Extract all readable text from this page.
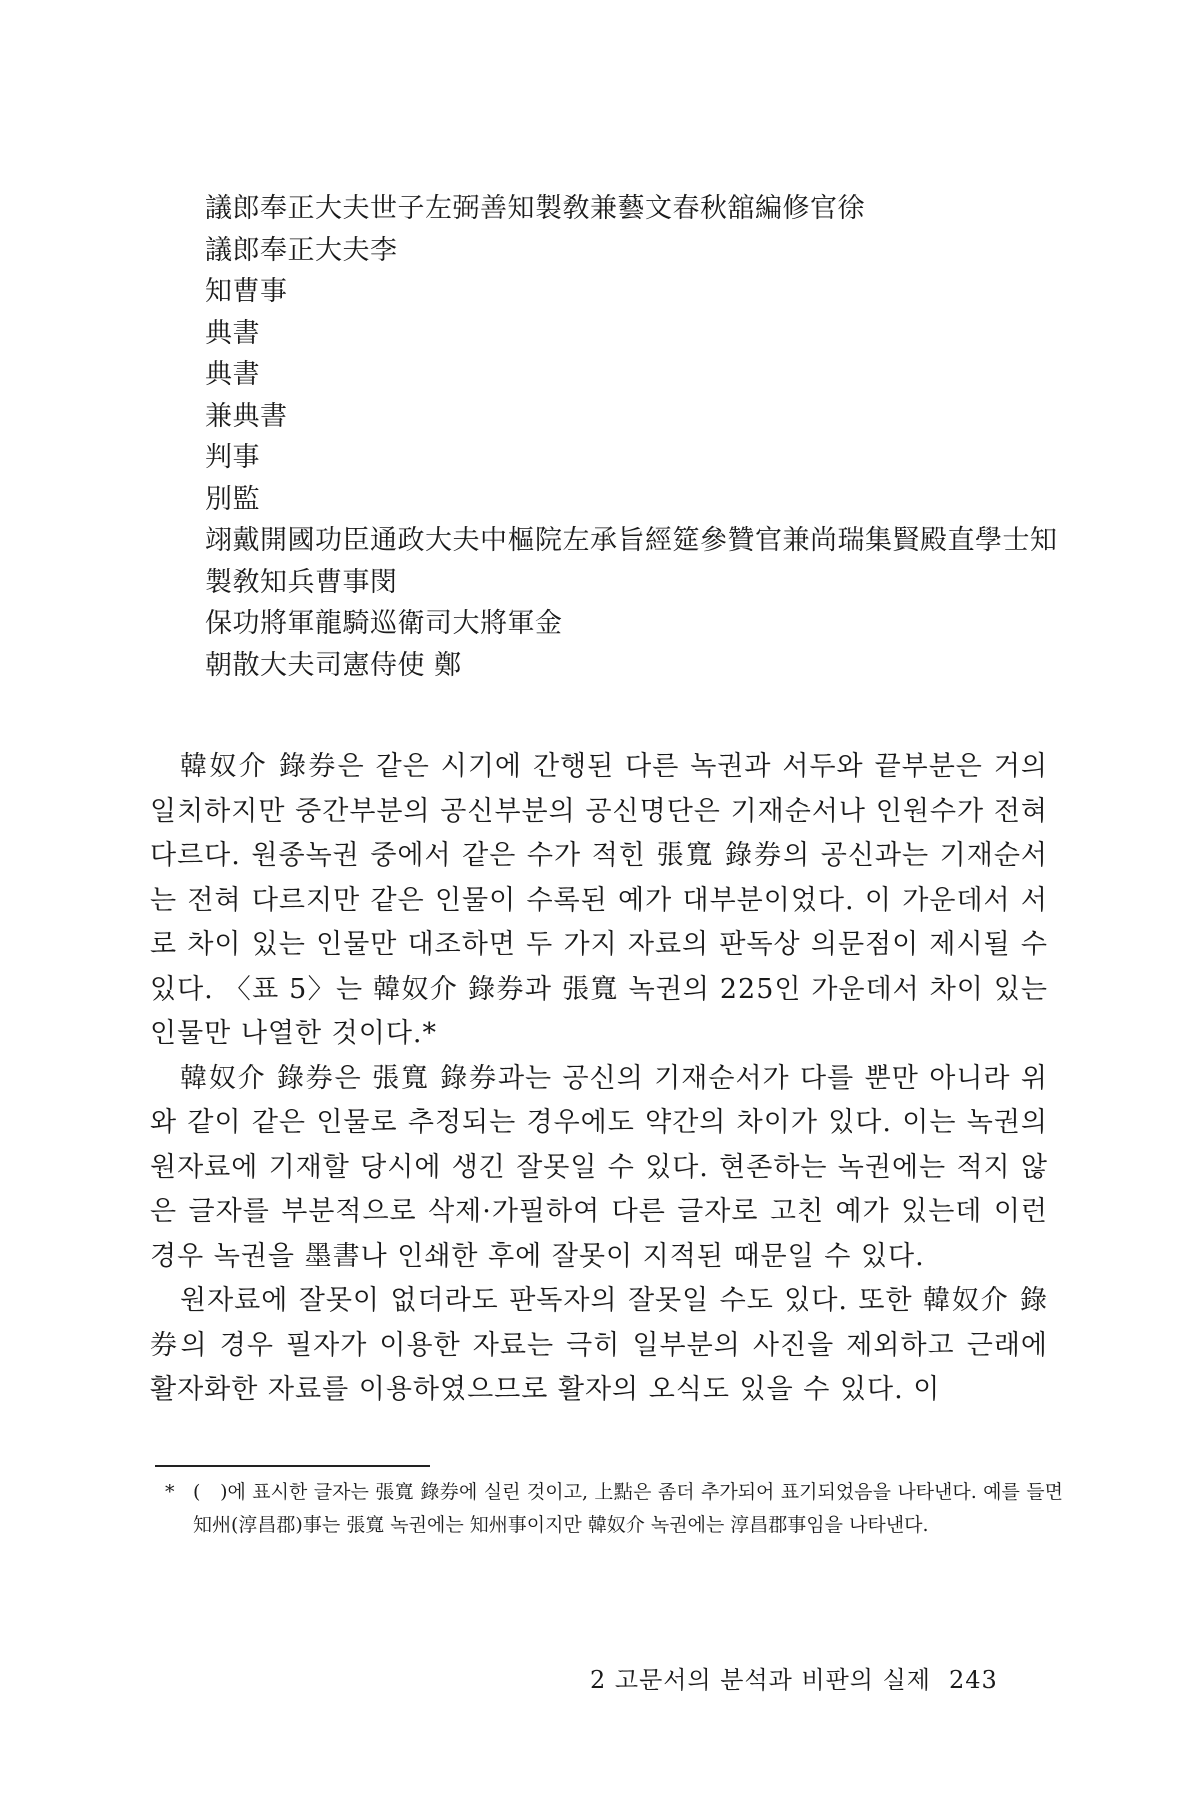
議郎奉正大夫世子左弼善知製敎兼藝文春秋舘編修官徐
議郎奉正大夫李
知曹事
典書
典書
兼典書
判事
別監
翊戴開國功臣通政大夫中樞院左承旨經筵參贊官兼尚瑞集賢殿直學士知
製敎知兵曹事閔
保功將軍龍騎巡衛司大將軍金
朝散大夫司憲侍使 鄭

韓奴介 錄券은 같은 시기에 간행된 다른 녹권과 서두와 끝부분은 거의 일치하지만 중간부분의 공신부분의 공신명단은 기재순서나 인원수가 전혀 다르다. 원종녹권 중에서 같은 수가 적힌 張寬 錄券의 공신과는 기재순서는 전혀 다르지만 같은 인물이 수록된 예가 대부분이었다. 이 가운데서 서로 차이 있는 인물만 대조하면 두 가지 자료의 판독상 의문점이 제시될 수 있다. 〈표 5〉는 韓奴介 錄券과 張寬 녹권의 225인 가운데서 차이 있는 인물만 나열한 것이다.*

韓奴介 錄券은 張寬 錄券과는 공신의 기재순서가 다를 뿐만 아니라 위와 같이 같은 인물로 추정되는 경우에도 약간의 차이가 있다. 이는 녹권의 원자료에 기재할 당시에 생긴 잘못일 수 있다. 현존하는 녹권에는 적지 않은 글자를 부분적으로 삭제·가필하여 다른 글자로 고친 예가 있는데 이런 경우 녹권을 墨書나 인쇄한 후에 잘못이 지적된 때문일 수 있다.

원자료에 잘못이 없더라도 판독자의 잘못일 수도 있다. 또한 韓奴介 錄券의 경우 필자가 이용한 자료는 극히 일부분의 사진을 제외하고 근래에 활자화한 자료를 이용하였으므로 활자의 오식도 있을 수 있다. 이

* (　)에 표시한 글자는 張寬 錄券에 실린 것이고, 上點은 좀더 추가되어 표기되었음을 나타낸다. 예를 들면 知州(淳昌郡)事는 張寬 녹권에는 知州事이지만 韓奴介 녹권에는 淳昌郡事임을 나타낸다.
2 고문서의 분석과 비판의 실제 243
